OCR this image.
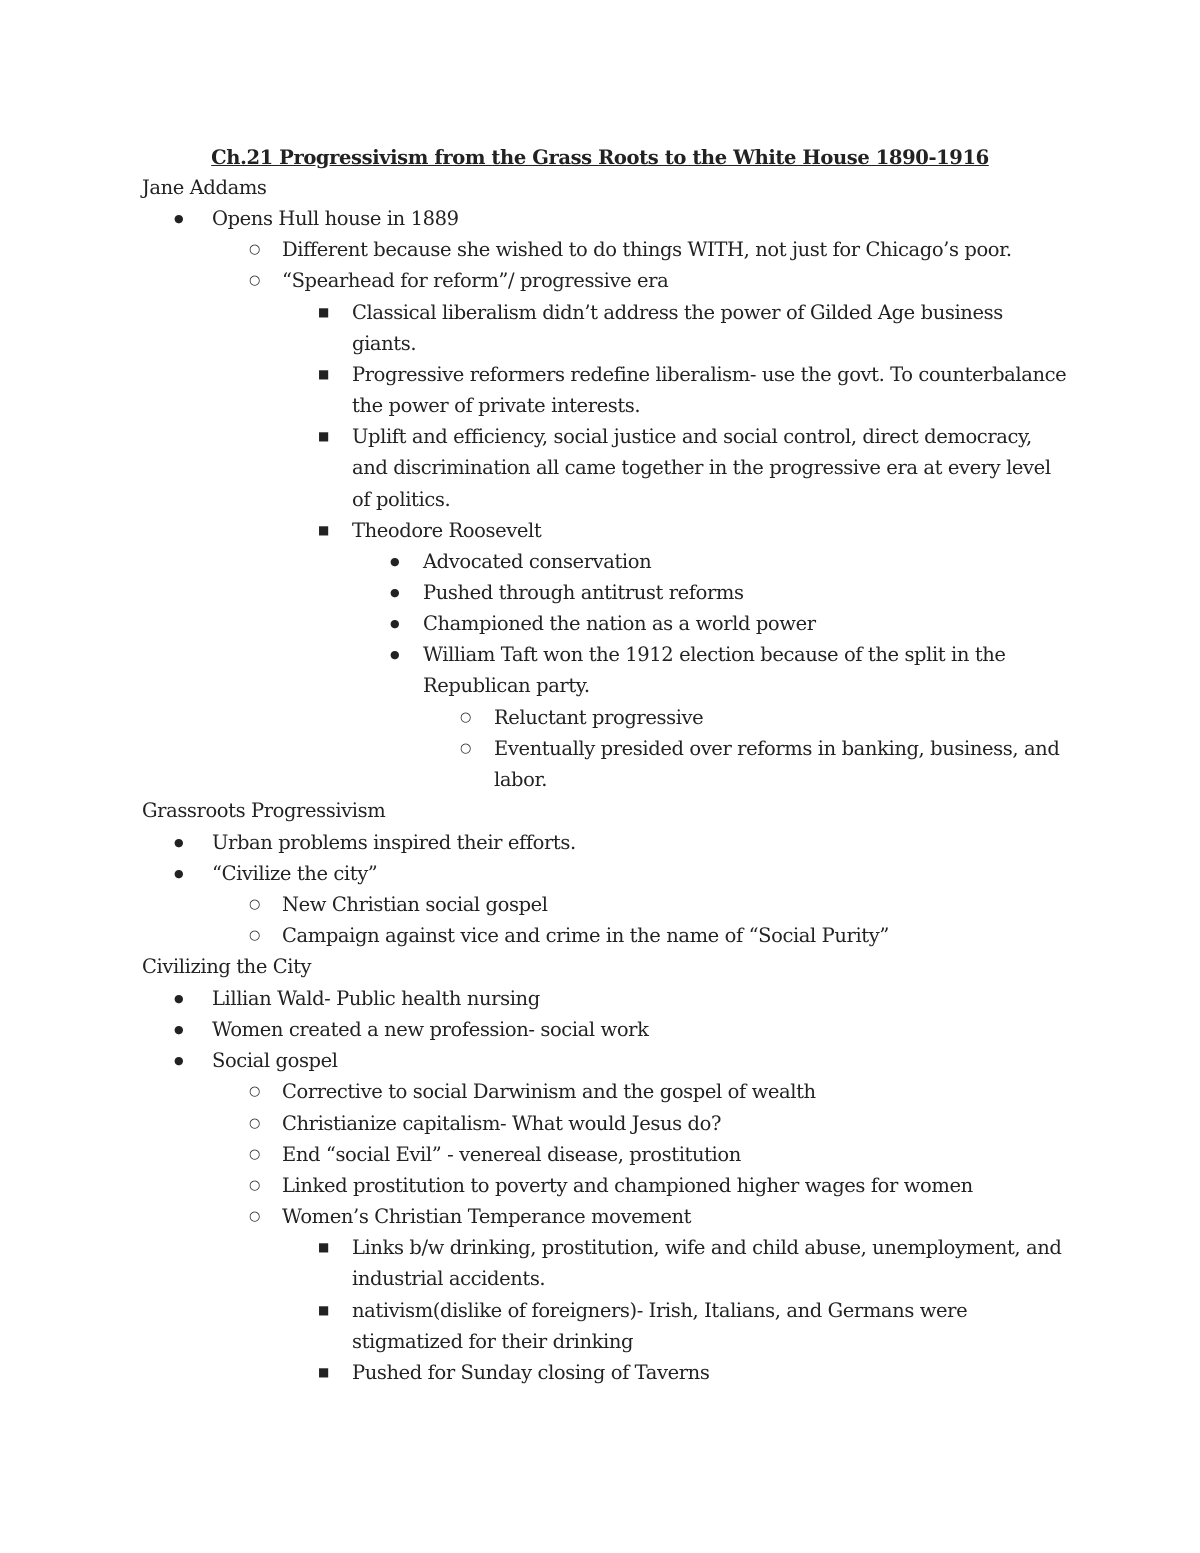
Ch.21 Progressivism from the Grass Roots to the White House 1890-1916
Jane Addams
● Opens Hull house in 1889
○ Different because she wished to do things WITH, not just for Chicago’s poor.
○ “Spearhead for reform”/ progressive era
■ Classical liberalism didn’t address the power of Gilded Age business
giants.
■ Progressive reformers redefine liberalism- use the govt. To counterbalance
the power of private interests.
■ Uplift and efficiency, social justice and social control, direct democracy,
and discrimination all came together in the progressive era at every level
of politics.
■ Theodore Roosevelt
● Advocated conservation
● Pushed through antitrust reforms
● Championed the nation as a world power
● William Taft won the 1912 election because of the split in the
Republican party.
○ Reluctant progressive
○ Eventually presided over reforms in banking, business, and
labor.
Grassroots Progressivism
● Urban problems inspired their efforts.
● “Civilize the city”
○ New Christian social gospel
○ Campaign against vice and crime in the name of “Social Purity”
Civilizing the City
● Lillian Wald- Public health nursing
● Women created a new profession- social work
● Social gospel
○ Corrective to social Darwinism and the gospel of wealth
○ Christianize capitalism- What would Jesus do?
○ End “social Evil” - venereal disease, prostitution
○ Linked prostitution to poverty and championed higher wages for women
○ Women’s Christian Temperance movement
■ Links b/w drinking, prostitution, wife and child abuse, unemployment, and
industrial accidents.
■ nativism(dislike of foreigners)- Irish, Italians, and Germans were
stigmatized for their drinking
■ Pushed for Sunday closing of Taverns
